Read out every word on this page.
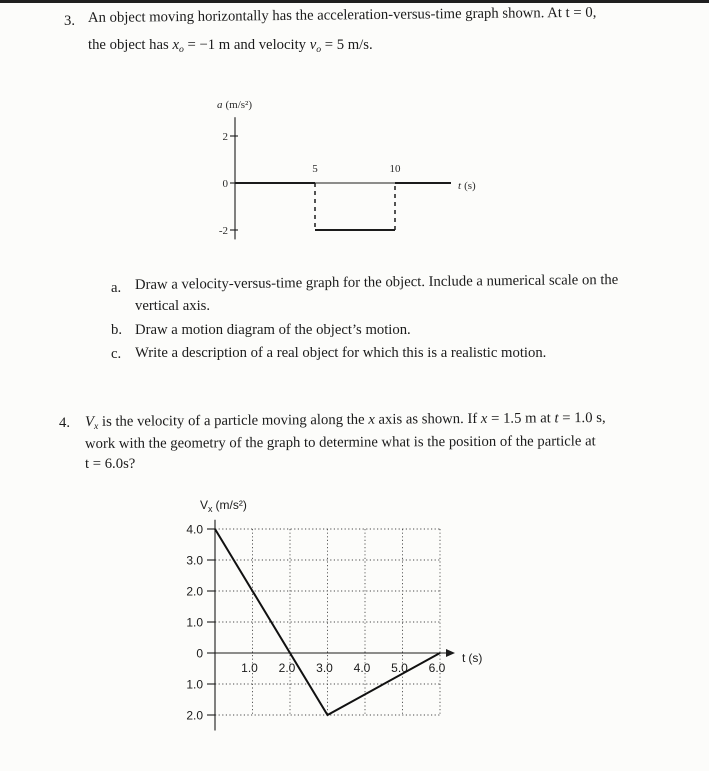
3. An object moving horizontally has the acceleration-versus-time graph shown. At t = 0,
the object has $x_o = -1$ m and velocity $v_o = 5$ m/s.
a. Draw a velocity-versus-time graph for the object. Include a numerical scale on the
vertical axis.
b. Draw a motion diagram of the object’s motion.
c. Write a description of a real object for which this is a realistic motion.
4. $V_x$ is the velocity of a particle moving along the x axis as shown. If x = 1.5 m at t = 1.0 s,
work with the geometry of the graph to determine what is the position of the particle at
t = 6.0s?
2
0
-2
5	10
a (m/s²)
t (s)
4.0
3.0
2.0
1.0
0
1.0
2.0
1.0 2.0 3.0 4.0 5.0 6.0
$V_x$ (m/s²)
t (s)
